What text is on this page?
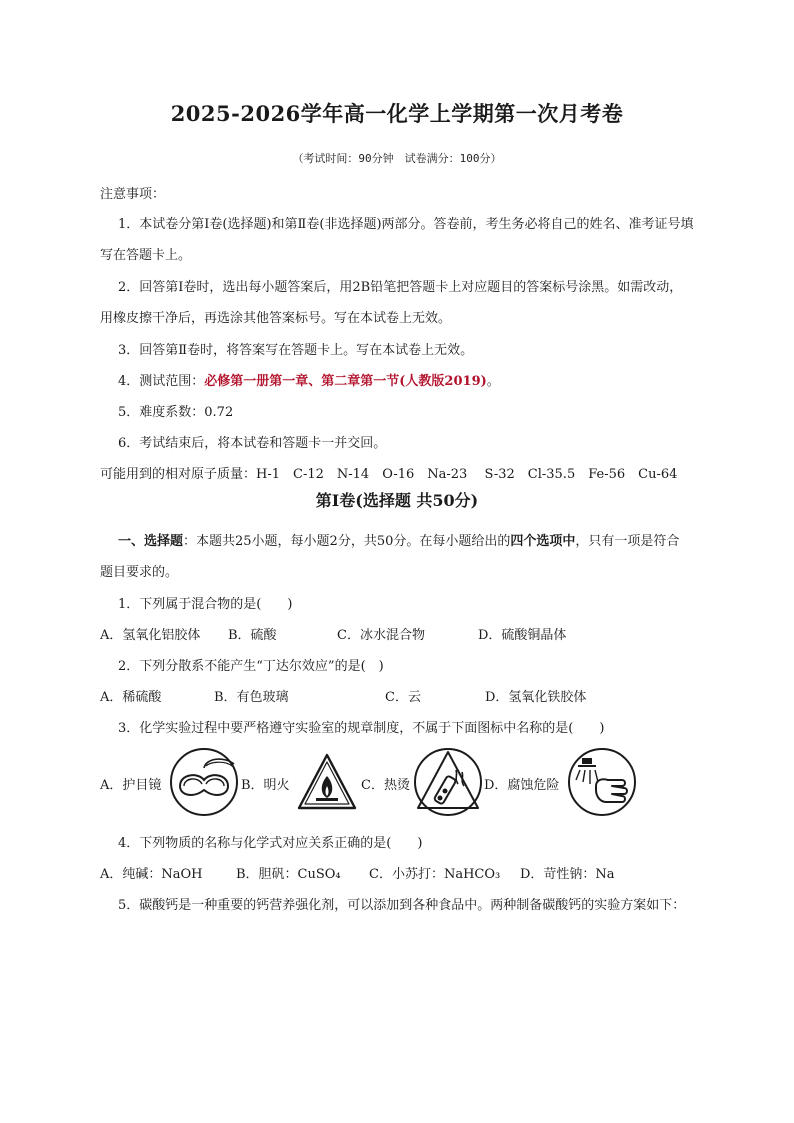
2025-2026学年高一化学上学期第一次月考卷
（考试时间：90分钟　试卷满分：100分）
注意事项：
1．本试卷分第Ⅰ卷(选择题)和第Ⅱ卷(非选择题)两部分。答卷前，考生务必将自己的姓名、准考证号填
写在答题卡上。
2．回答第Ⅰ卷时，选出每小题答案后，用2B铅笔把答题卡上对应题目的答案标号涂黑。如需改动，
用橡皮擦干净后，再选涂其他答案标号。写在本试卷上无效。
3．回答第Ⅱ卷时，将答案写在答题卡上。写在本试卷上无效。
4．测试范围：必修第一册第一章、第二章第一节(人教版2019)。
5．难度系数：0.72
6．考试结束后，将本试卷和答题卡一并交回。
可能用到的相对原子质量：H-1　C-12　N-14　O-16　Na-23　 S-32　Cl-35.5　Fe-56　Cu-64
第Ⅰ卷(选择题 共50分)
一、选择题：本题共25小题，每小题2分，共50分。在每小题给出的四个选项中，只有一项是符合
题目要求的。
1．下列属于混合物的是(　　)
A．氢氧化铝胶体 B．硫酸	C．冰水混合物	D．硫酸铜晶体
2．下列分散系不能产生“丁达尔效应”的是(　)
A．稀硫酸	B．有色玻璃	C．云	D．氢氧化铁胶体
3．化学实验过程中要严格遵守实验室的规章制度，不属于下面图标中名称的是(　　)
A．护目镜	B．明火	C．热烫	D．腐蚀危险
4．下列物质的名称与化学式对应关系正确的是(　　)
A．纯碱：NaOH	B．胆矾：CuSO₄ C．小苏打：NaHCO₃ D．苛性钠：Na
5．碳酸钙是一种重要的钙营养强化剂，可以添加到各种食品中。两种制备碳酸钙的实验方案如下：
